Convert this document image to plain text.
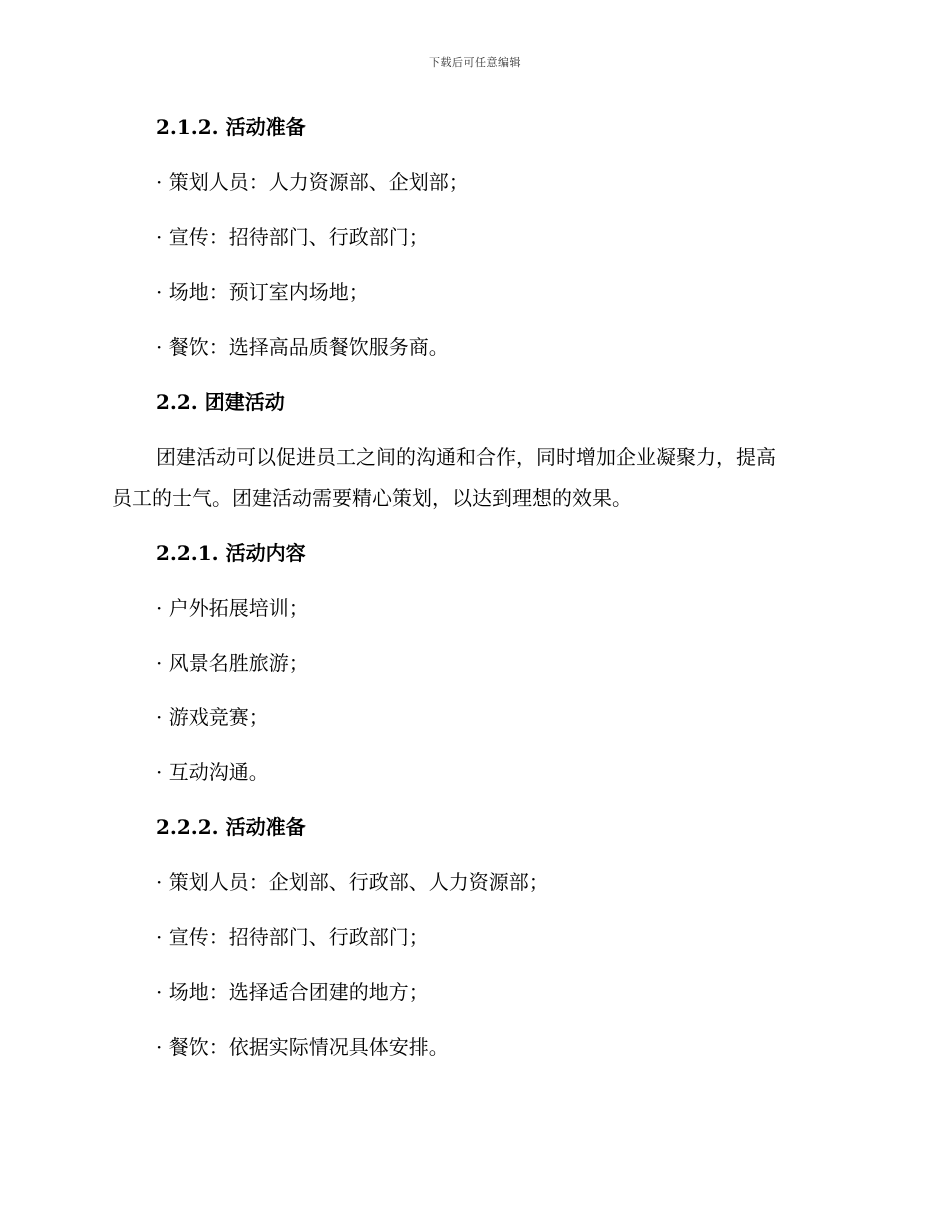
下载后可任意编辑
2.1.2. 活动准备
· 策划人员：人力资源部、企划部；
· 宣传：招待部门、行政部门；
· 场地：预订室内场地；
· 餐饮：选择高品质餐饮服务商。
2.2. 团建活动
团建活动可以促进员工之间的沟通和合作，同时增加企业凝聚力，提高
员工的士气。团建活动需要精心策划，以达到理想的效果。
2.2.1. 活动内容
· 户外拓展培训；
· 风景名胜旅游；
· 游戏竞赛；
· 互动沟通。
2.2.2. 活动准备
· 策划人员：企划部、行政部、人力资源部；
· 宣传：招待部门、行政部门；
· 场地：选择适合团建的地方；
· 餐饮：依据实际情况具体安排。
